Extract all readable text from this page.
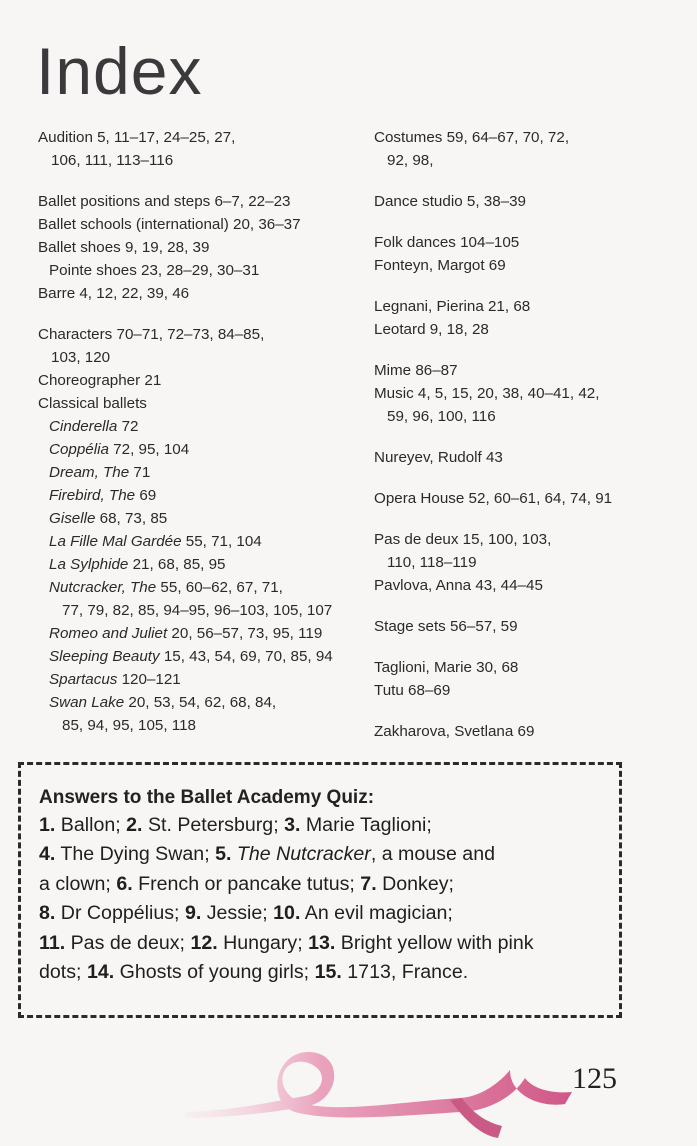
Index
Audition 5, 11–17, 24–25, 27,
106, 111, 113–116
Ballet positions and steps 6–7, 22–23
Ballet schools (international) 20, 36–37
Ballet shoes 9, 19, 28, 39
Pointe shoes 23, 28–29, 30–31
Barre 4, 12, 22, 39, 46
Characters 70–71, 72–73, 84–85,
103, 120
Choreographer 21
Classical ballets
Cinderella 72
Coppélia 72, 95, 104
Dream, The 71
Firebird, The 69
Giselle 68, 73, 85
La Fille Mal Gardée 55, 71, 104
La Sylphide 21, 68, 85, 95
Nutcracker, The 55, 60–62, 67, 71,
77, 79, 82, 85, 94–95, 96–103, 105, 107
Romeo and Juliet 20, 56–57, 73, 95, 119
Sleeping Beauty 15, 43, 54, 69, 70, 85, 94
Spartacus 120–121
Swan Lake 20, 53, 54, 62, 68, 84,
85, 94, 95, 105, 118
Costumes 59, 64–67, 70, 72,
92, 98,
Dance studio 5, 38–39
Folk dances 104–105
Fonteyn, Margot 69
Legnani, Pierina 21, 68
Leotard 9, 18, 28
Mime 86–87
Music 4, 5, 15, 20, 38, 40–41, 42,
59, 96, 100, 116
Nureyev, Rudolf 43
Opera House 52, 60–61, 64, 74, 91
Pas de deux 15, 100, 103,
110, 118–119
Pavlova, Anna 43, 44–45
Stage sets 56–57, 59
Taglioni, Marie 30, 68
Tutu 68–69
Zakharova, Svetlana 69
Answers to the Ballet Academy Quiz:

1. Ballon; 2. St. Petersburg; 3. Marie Taglioni;
4. The Dying Swan; 5. The Nutcracker, a mouse and
a clown; 6. French or pancake tutus; 7. Donkey;
8. Dr Coppélius; 9. Jessie; 10. An evil magician;
11. Pas de deux; 12. Hungary; 13. Bright yellow with pink
dots; 14. Ghosts of young girls; 15. 1713, France.

125
